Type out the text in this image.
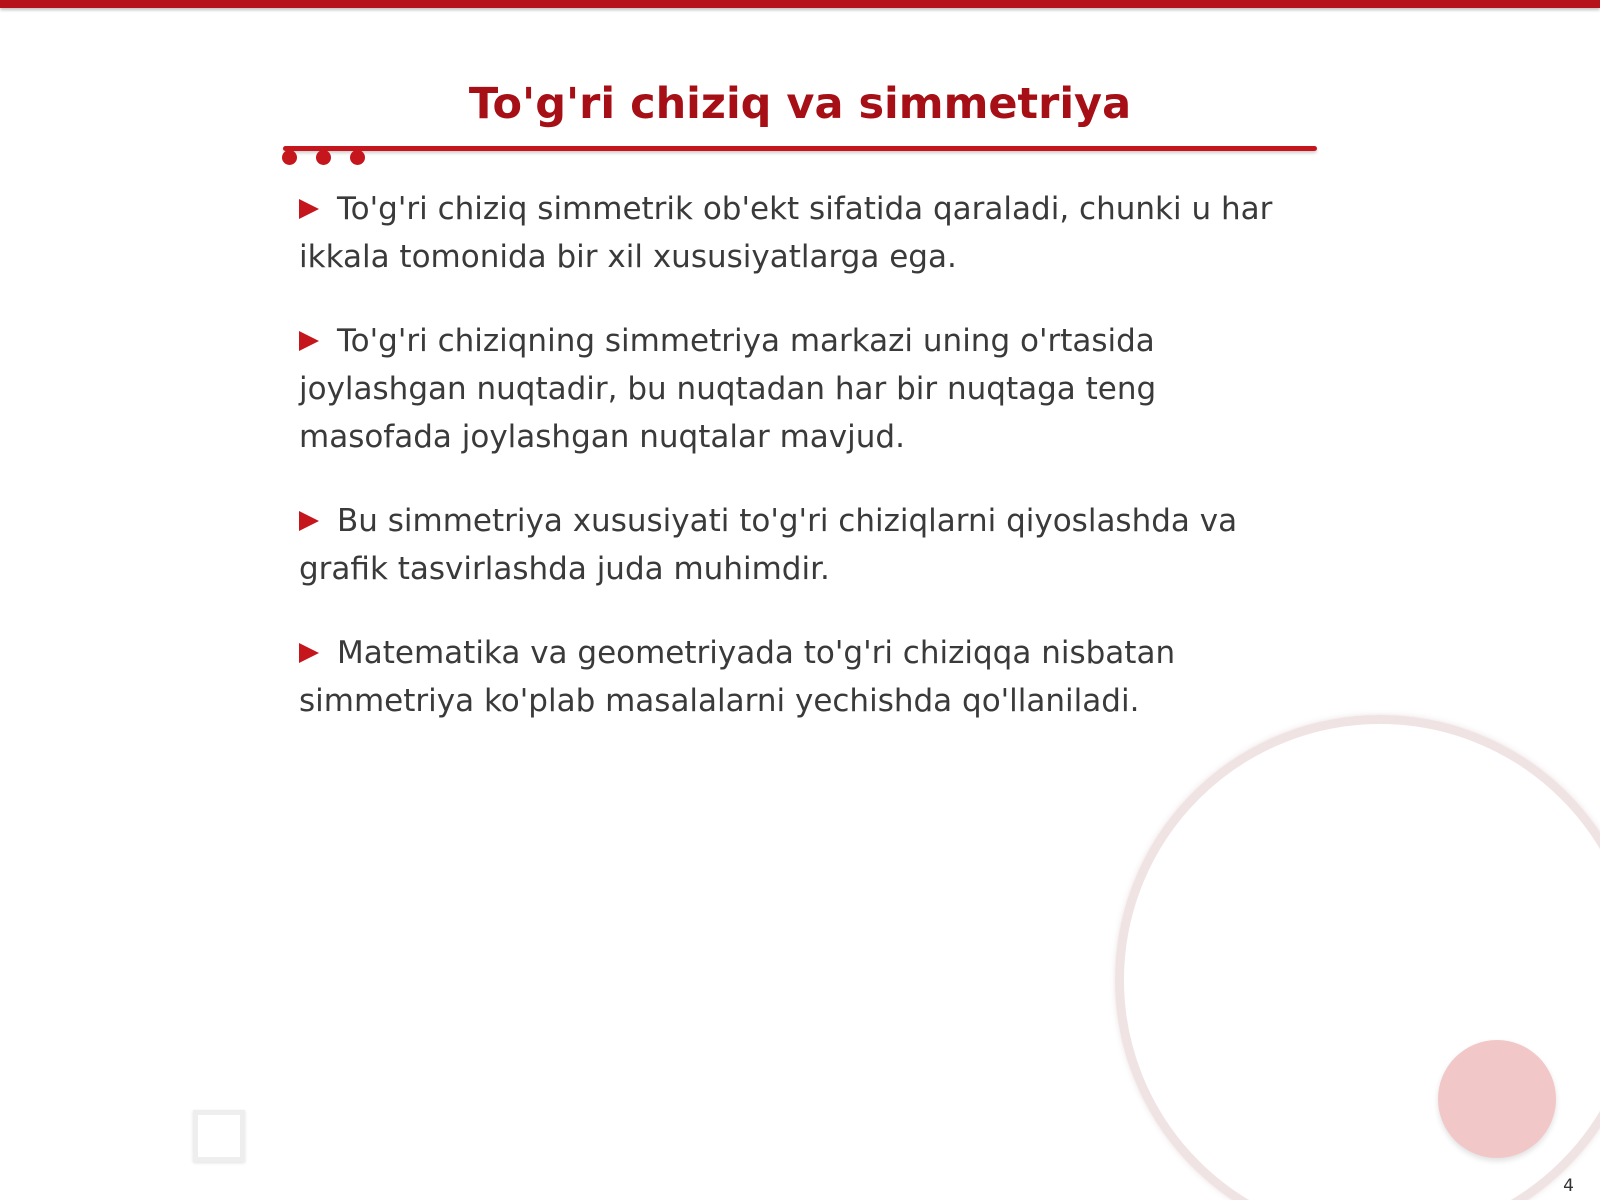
To'g'ri chiziq va simmetriya
To'g'ri chiziq simmetrik ob'ekt sifatida qaraladi, chunki u har ikkala tomonida bir xil xususiyatlarga ega.
To'g'ri chiziqning simmetriya markazi uning o'rtasida joylashgan nuqtadir, bu nuqtadan har bir nuqtaga teng masofada joylashgan nuqtalar mavjud.
Bu simmetriya xususiyati to'g'ri chiziqlarni qiyoslashda va grafik tasvirlashda juda muhimdir.
Matematika va geometriyada to'g'ri chiziqqa nisbatan simmetriya ko'plab masalalarni yechishda qo'llaniladi.
4
